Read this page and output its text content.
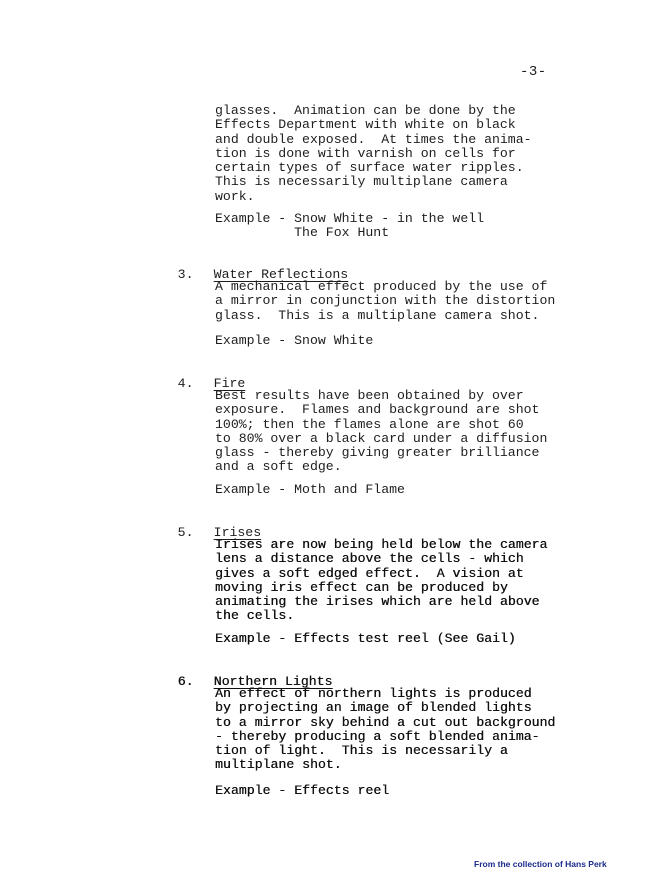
-3-
glasses.  Animation can be done by the
Effects Department with white on black
and double exposed.  At times the anima-
tion is done with varnish on cells for
certain types of surface water ripples.
This is necessarily multiplane camera
work.
Example - Snow White - in the well
The Fox Hunt

3. Water Reflections

A mechanical effect produced by the use of
a mirror in conjunction with the distortion
glass.  This is a multiplane camera shot.
Example - Snow White

4. Fire

Best results have been obtained by over
exposure.  Flames and background are shot
100%; then the flames alone are shot 60
to 80% over a black card under a diffusion
glass - thereby giving greater brilliance
and a soft edge.
Example - Moth and Flame

5. Irises

Irises are now being held below the camera
lens a distance above the cells - which
gives a soft edged effect.  A vision at
moving iris effect can be produced by
animating the irises which are held above
the cells.
Example - Effects test reel (See Gail)

6. Northern Lights

An effect of northern lights is produced
by projecting an image of blended lights
to a mirror sky behind a cut out background
- thereby producing a soft blended anima-
tion of light.  This is necessarily a
multiplane shot.
Example - Effects reel
From the collection of Hans Perk
